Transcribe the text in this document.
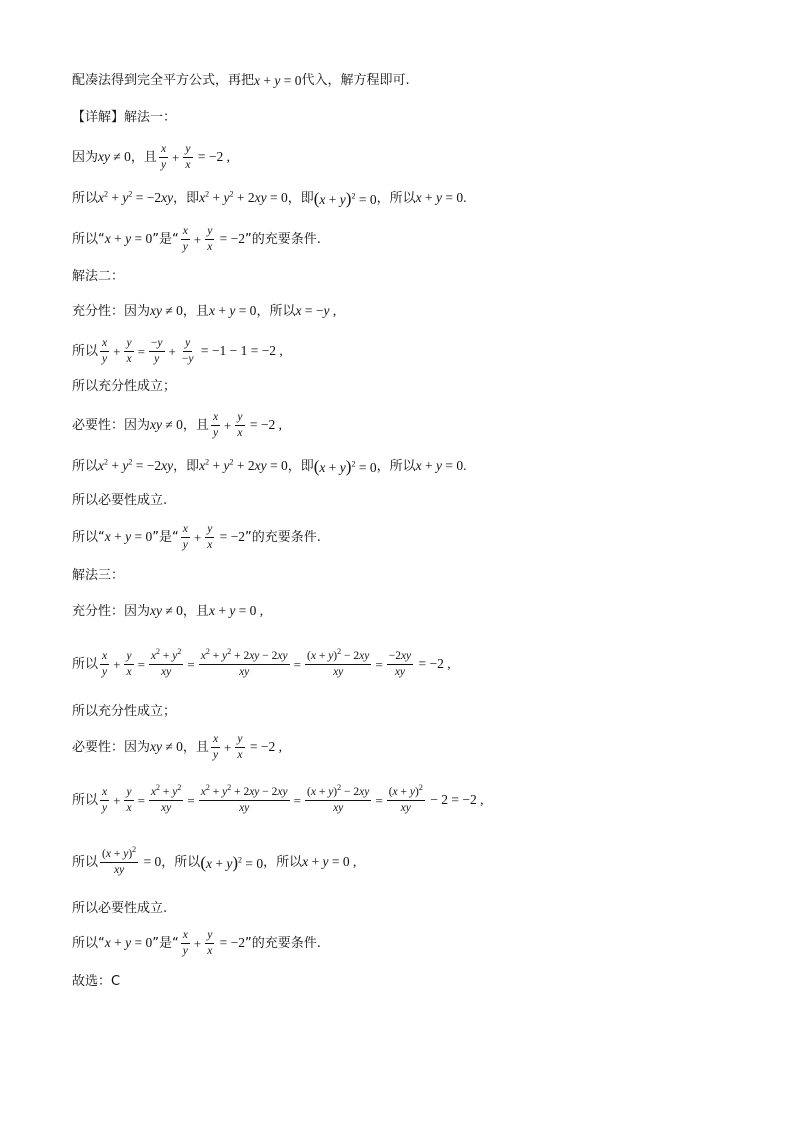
配凑法得到完全平方公式，再把 x + y = 0 代入，解方程即可.
【详解】解法一：
因为 xy ≠ 0 ，且 $\frac{x}{y} + \frac{y}{x} = -2$ ,
所以 $x^2 + y^2 = -2xy$ ，即 $x^2 + y^2 + 2xy = 0$ ，即 $(x + y)^2 = 0$ ，所以 x + y = 0.
所以“ x + y = 0 ”是“ $\frac{x}{y} + \frac{y}{x} = -2$ ”的充要条件.
解法二：
充分性：因为 xy ≠ 0 ，且 x + y = 0 ，所以 x = −y ,
所以 $\frac{x}{y} + \frac{y}{x} = \frac{-y}{y} + \frac{y}{-y} = -1 - 1 = -2$ ,
所以充分性成立；
必要性：因为 xy ≠ 0 ，且 $\frac{x}{y} + \frac{y}{x} = -2$ ,
所以 $x^2 + y^2 = -2xy$ ，即 $x^2 + y^2 + 2xy = 0$ ，即 $(x + y)^2 = 0$ ，所以 x + y = 0.
所以必要性成立.
所以“ x + y = 0 ”是“ $\frac{x}{y} + \frac{y}{x} = -2$ ”的充要条件.
解法三：
充分性：因为 xy ≠ 0 ，且 x + y = 0 ,
所以 $\frac{x}{y} + \frac{y}{x} = \frac{x^2 + y^2}{xy} = \frac{x^2 + y^2 + 2xy - 2xy}{xy} = \frac{(x + y)^2 - 2xy}{xy} = \frac{-2xy}{xy} = -2$ ,
所以充分性成立；
必要性：因为 xy ≠ 0 ，且 $\frac{x}{y} + \frac{y}{x} = -2$ ,
所以 $\frac{x}{y} + \frac{y}{x} = \frac{x^2 + y^2}{xy} = \frac{x^2 + y^2 + 2xy - 2xy}{xy} = \frac{(x + y)^2 - 2xy}{xy} = \frac{(x + y)^2}{xy} - 2 = -2$ ,
所以 $\frac{(x + y)^2}{xy} = 0$ ，所以 $(x + y)^2 = 0$ ，所以 x + y = 0 ,
所以必要性成立.
所以“ x + y = 0 ”是“ $\frac{x}{y} + \frac{y}{x} = -2$ ”的充要条件.
故选：C
